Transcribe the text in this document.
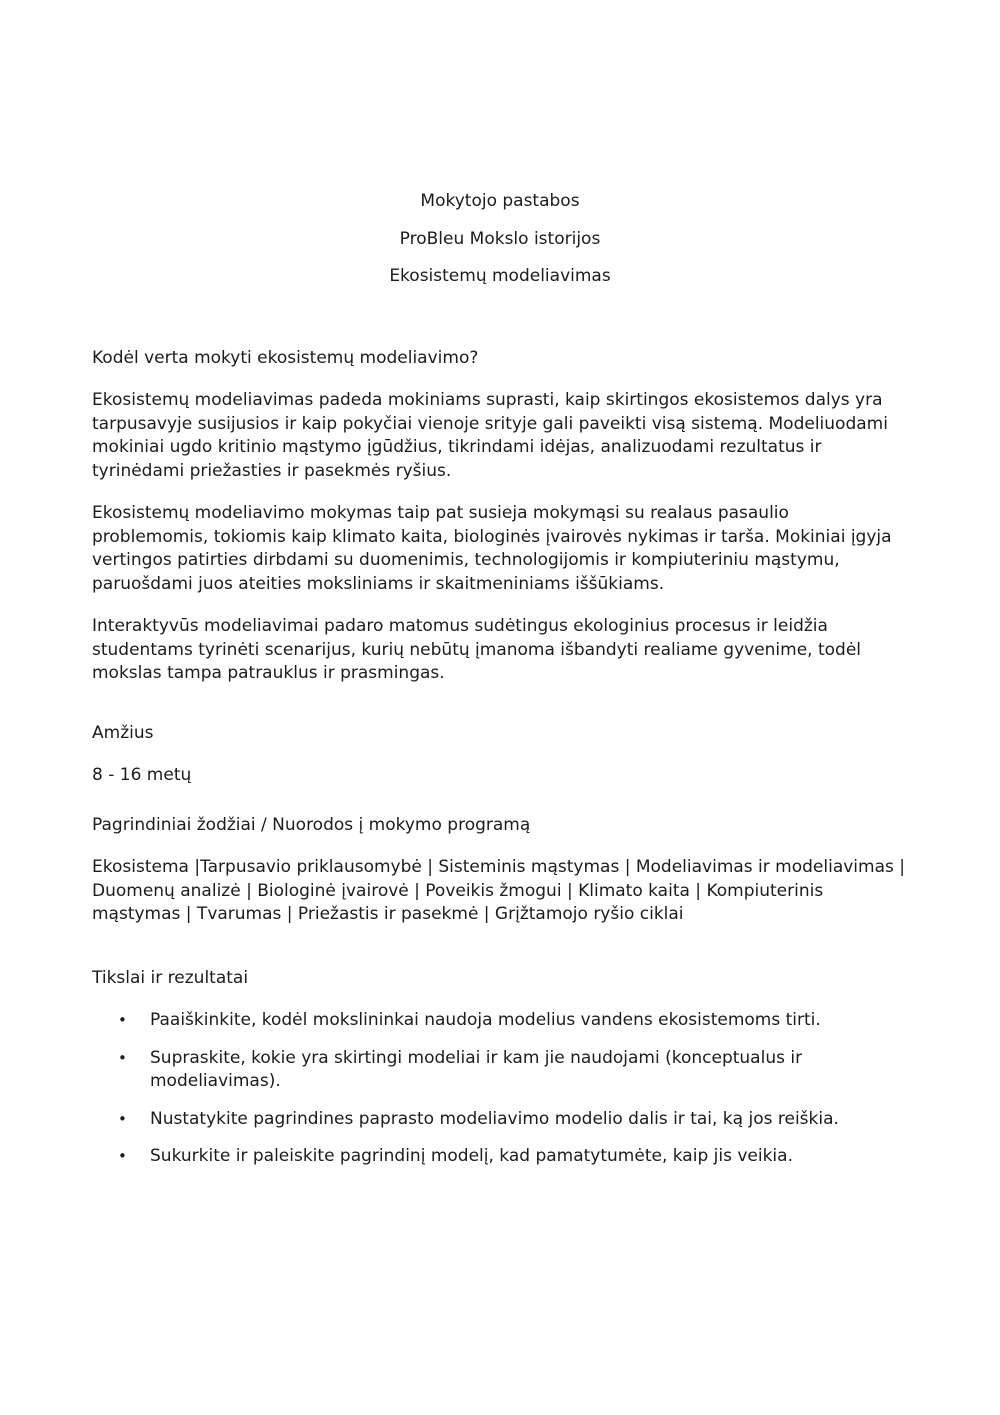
Mokytojo pastabos
ProBleu Mokslo istorijos
Ekosistemų modeliavimas
Kodėl verta mokyti ekosistemų modeliavimo?

Ekosistemų modeliavimas padeda mokiniams suprasti, kaip skirtingos ekosistemos dalys yra tarpusavyje susijusios ir kaip pokyčiai vienoje srityje gali paveikti visą sistemą. Modeliuodami mokiniai ugdo kritinio mąstymo įgūdžius, tikrindami idėjas, analizuodami rezultatus ir tyrinėdami priežasties ir pasekmės ryšius.

Ekosistemų modeliavimo mokymas taip pat susieja mokymąsi su realaus pasaulio problemomis, tokiomis kaip klimato kaita, biologinės įvairovės nykimas ir tarša. Mokiniai įgyja vertingos patirties dirbdami su duomenimis, technologijomis ir kompiuteriniu mąstymu, paruošdami juos ateities moksliniams ir skaitmeniniams iššūkiams.

Interaktyvūs modeliavimai padaro matomus sudėtingus ekologinius procesus ir leidžia studentams tyrinėti scenarijus, kurių nebūtų įmanoma išbandyti realiame gyvenime, todėl mokslas tampa patrauklus ir prasmingas.

Amžius

8 - 16 metų

Pagrindiniai žodžiai / Nuorodos į mokymo programą

Ekosistema |Tarpusavio priklausomybė | Sisteminis mąstymas | Modeliavimas ir modeliavimas | Duomenų analizė | Biologinė įvairovė | Poveikis žmogui | Klimato kaita | Kompiuterinis mąstymas | Tvarumas | Priežastis ir pasekmė | Grįžtamojo ryšio ciklai

Tikslai ir rezultatai
•	Paaiškinkite, kodėl mokslininkai naudoja modelius vandens ekosistemoms tirti.
•	Supraskite, kokie yra skirtingi modeliai ir kam jie naudojami (konceptualus ir modeliavimas).
•	Nustatykite pagrindines paprasto modeliavimo modelio dalis ir tai, ką jos reiškia.
•	Sukurkite ir paleiskite pagrindinį modelį, kad pamatytumėte, kaip jis veikia.
